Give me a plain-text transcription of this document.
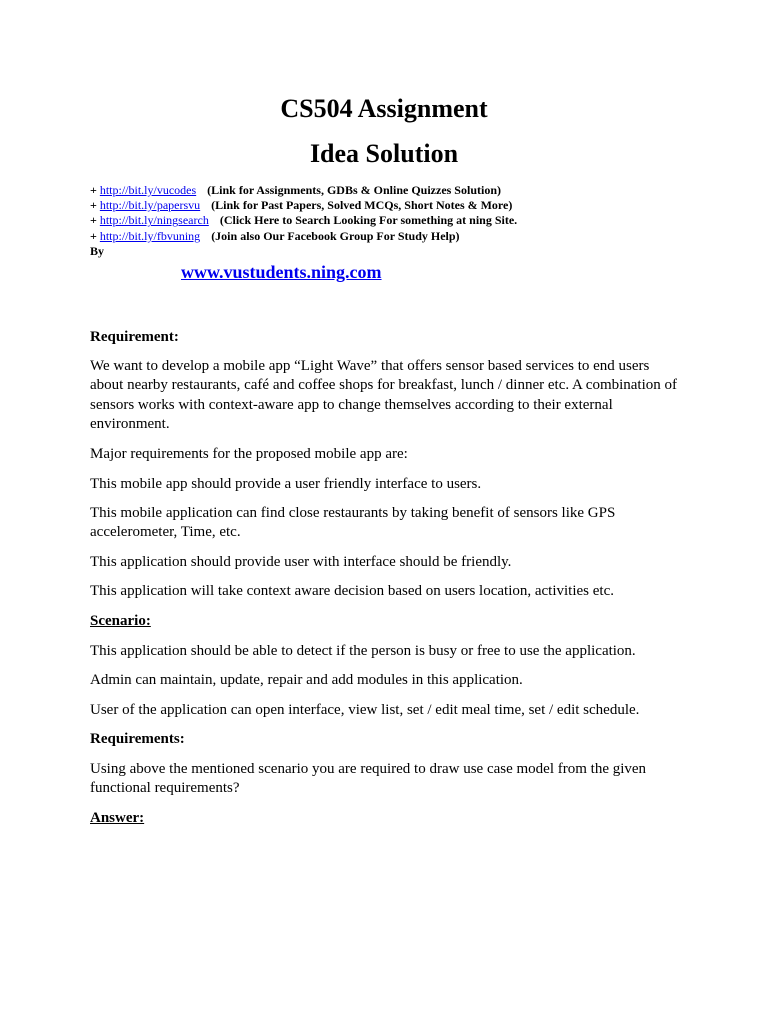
CS504 Assignment
Idea Solution
+ http://bit.ly/vucodes (Link for Assignments, GDBs & Online Quizzes Solution)
+ http://bit.ly/papersvu (Link for Past Papers, Solved MCQs, Short Notes & More)
+ http://bit.ly/ningsearch (Click Here to Search Looking For something at ning Site.
+ http://bit.ly/fbvuning (Join also Our Facebook Group For Study Help)
By
www.vustudents.ning.com

Requirement:

We want to develop a mobile app “Light Wave” that offers sensor based services to end users about nearby restaurants, café and coffee shops for breakfast, lunch / dinner etc. A combination of sensors works with context-aware app to change themselves according to their external environment.

Major requirements for the proposed mobile app are:

This mobile app should provide a user friendly interface to users.

This mobile application can find close restaurants by taking benefit of sensors like GPS accelerometer, Time, etc.

This application should provide user with interface should be friendly.

This application will take context aware decision based on users location, activities etc.

Scenario:

This application should be able to detect if the person is busy or free to use the application.

Admin can maintain, update, repair and add modules in this application.

User of the application can open interface, view list, set / edit meal time, set / edit schedule.

Requirements:

Using above the mentioned scenario you are required to draw use case model from the given functional requirements?

Answer:
